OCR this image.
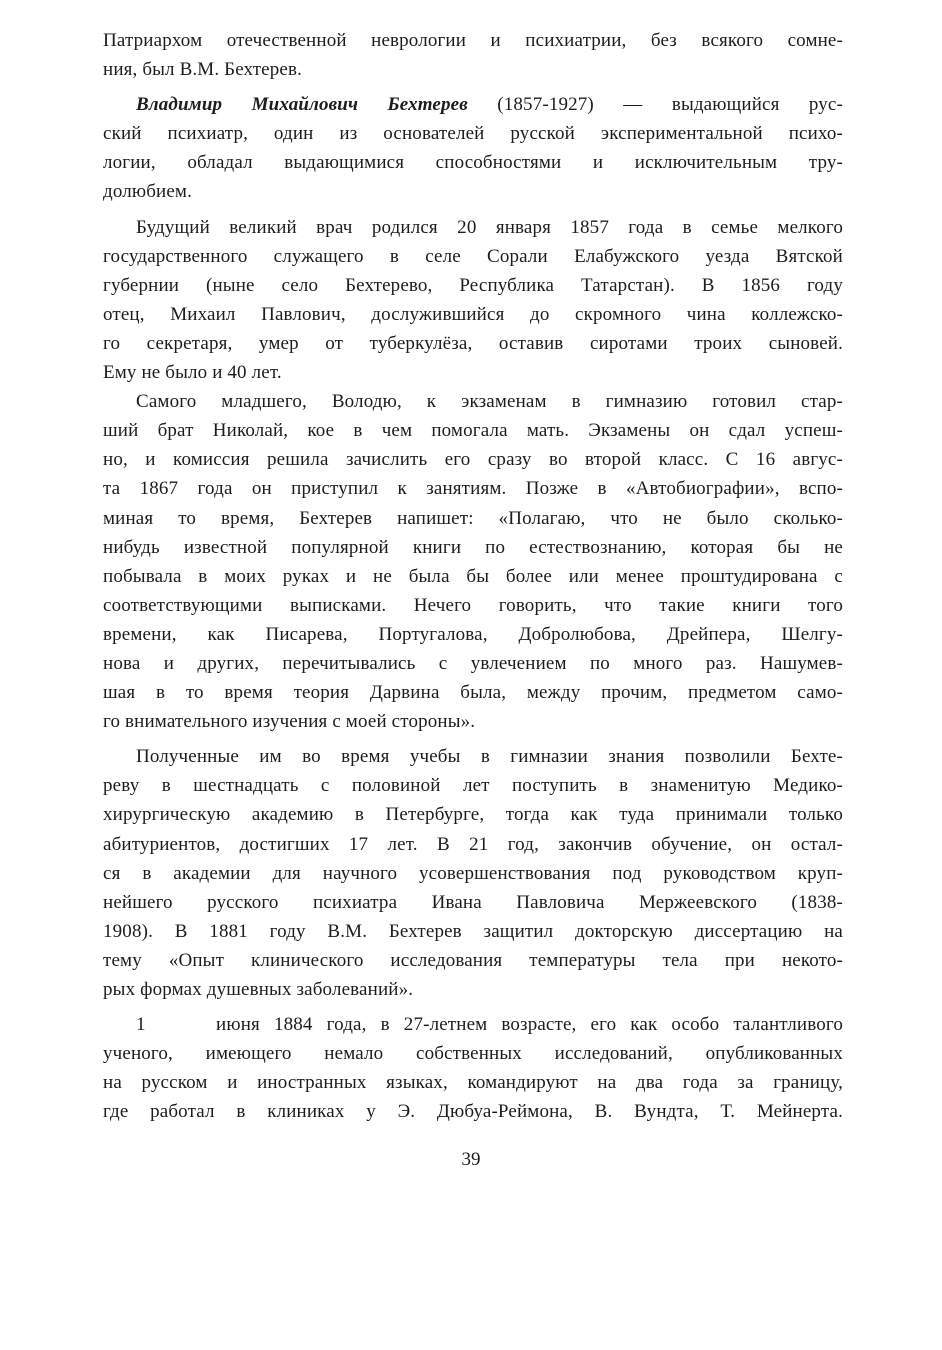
Патриархом отечественной неврологии и психиатрии, без всякого сомне-
ния, был В.М. Бехтерев.
Владимир Михайлович Бехтерев (1857-1927) — выдающийся рус-
ский психиатр, один из основателей русской экспериментальной психо-
логии, обладал выдающимися способностями и исключительным тру-
долюбием.
Будущий великий врач родился 20 января 1857 года в семье мелкого
государственного служащего в селе Сорали Елабужского уезда Вятской
губернии (ныне село Бехтерево, Республика Татарстан). В 1856 году
отец, Михаил Павлович, дослужившийся до скромного чина коллежско-
го секретаря, умер от туберкулёза, оставив сиротами троих сыновей.
Ему не было и 40 лет.
Самого младшего, Володю, к экзаменам в гимназию готовил стар-
ший брат Николай, кое в чем помогала мать. Экзамены он сдал успеш-
но, и комиссия решила зачислить его сразу во второй класс. С 16 авгус-
та 1867 года он приступил к занятиям. Позже в «Автобиографии», вспо-
миная то время, Бехтерев напишет: «Полагаю, что не было сколько-
нибудь известной популярной книги по естествознанию, которая бы не
побывала в моих руках и не была бы более или менее проштудирована с
соответствующими выписками. Нечего говорить, что такие книги того
времени, как Писарева, Португалова, Добролюбова, Дрейпера, Шелгу-
нова и других, перечитывались с увлечением по много раз. Нашумев-
шая в то время теория Дарвина была, между прочим, предметом само-
го внимательного изучения с моей стороны».
Полученные им во время учебы в гимназии знания позволили Бехте-
реву в шестнадцать с половиной лет поступить в знаменитую Медико-
хирургическую академию в Петербурге, тогда как туда принимали только
абитуриентов, достигших 17 лет. В 21 год, закончив обучение, он остал-
ся в академии для научного усовершенствования под руководством круп-
нейшего русского психиатра Ивана Павловича Мержеевского (1838-
1908). В 1881 году В.М. Бехтерев защитил докторскую диссертацию на
тему «Опыт клинического исследования температуры тела при некото-
рых формах душевных заболеваний».
1     июня 1884 года, в 27-летнем возрасте, его как особо талантливого
ученого, имеющего немало собственных исследований, опубликованных
на русском и иностранных языках, командируют на два года за границу,
где работал в клиниках у Э. Дюбуа-Реймона, В. Вундта, Т. Мейнерта.
39
